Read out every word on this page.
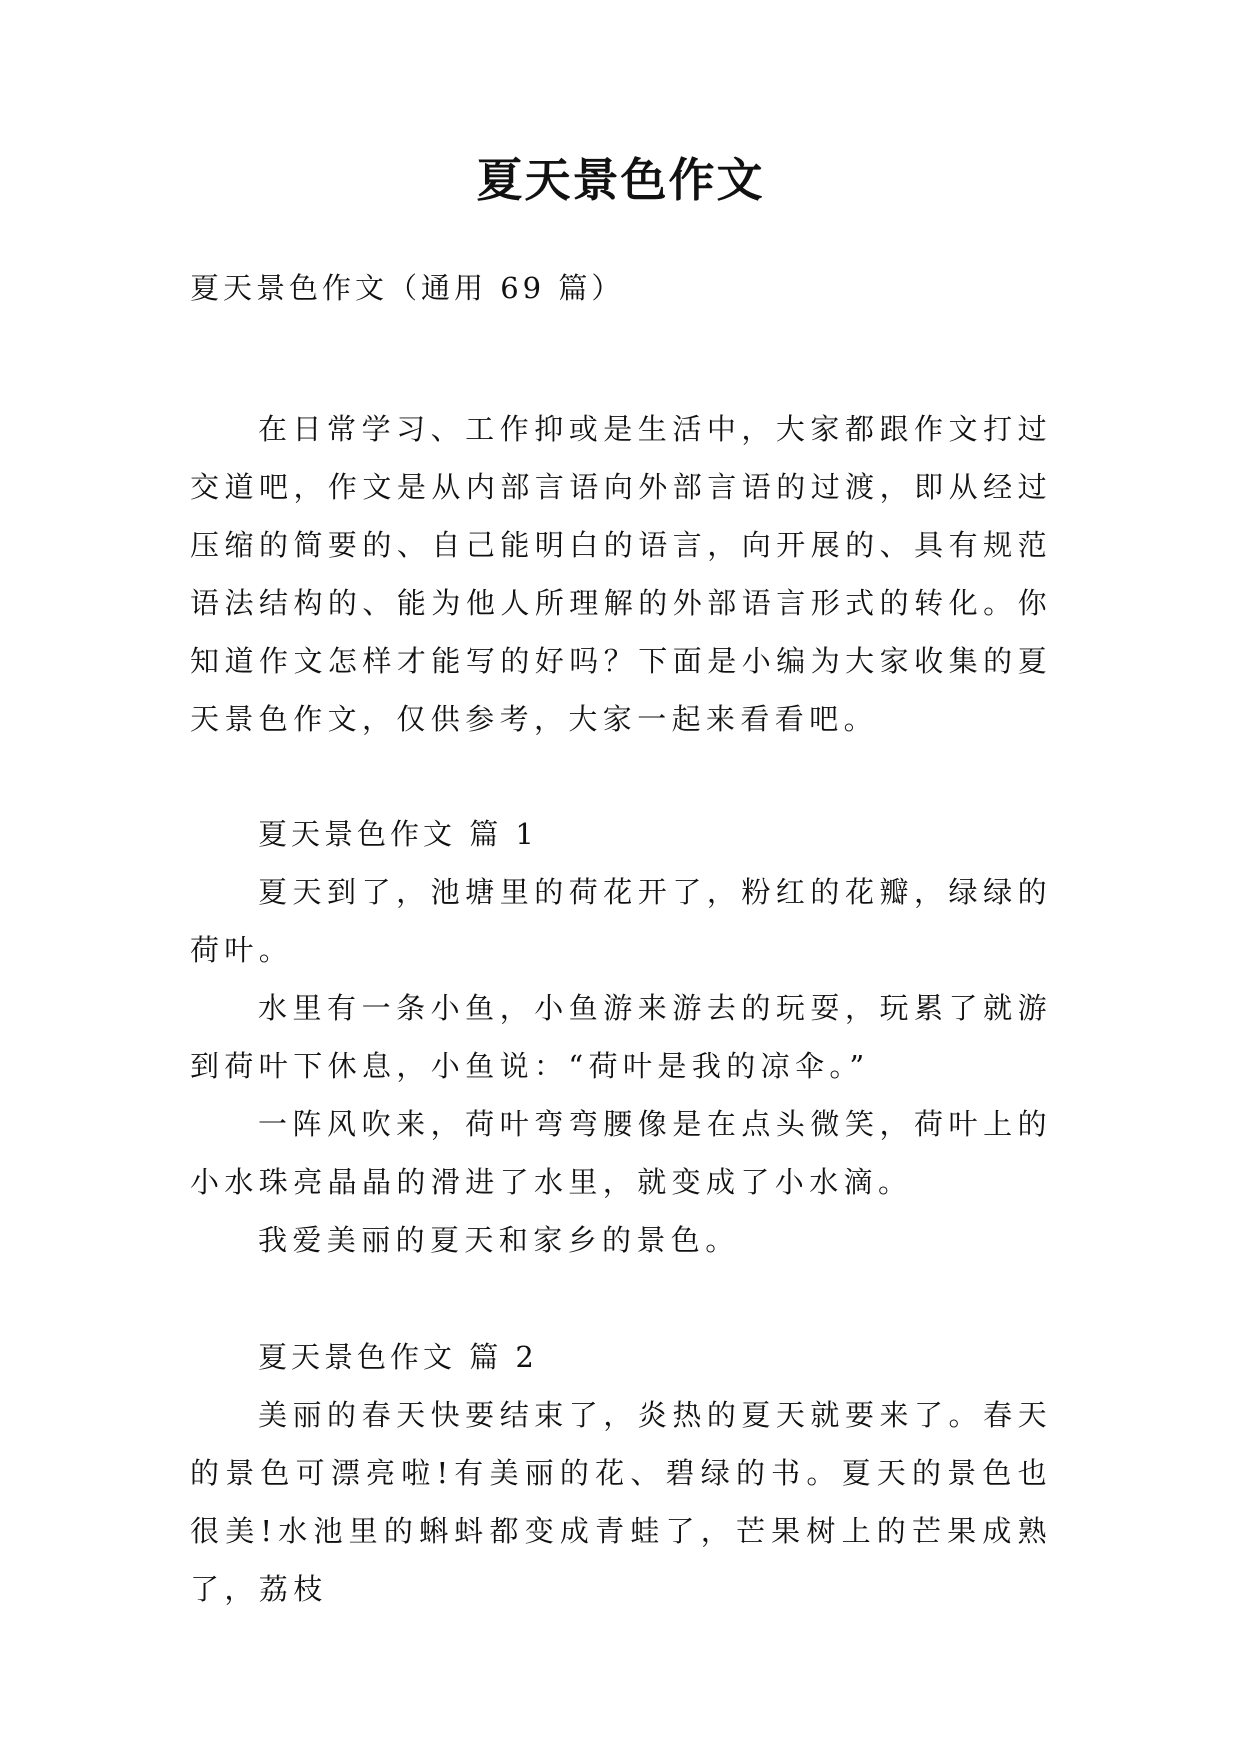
夏天景色作文

夏天景色作文（通用 69 篇）

在日常学习、工作抑或是生活中，大家都跟作文打过交道吧，作文是从内部言语向外部言语的过渡，即从经过压缩的简要的、自己能明白的语言，向开展的、具有规范语法结构的、能为他人所理解的外部语言形式的转化。你知道作文怎样才能写的好吗？下面是小编为大家收集的夏天景色作文，仅供参考，大家一起来看看吧。

夏天景色作文 篇 1

夏天到了，池塘里的荷花开了，粉红的花瓣，绿绿的荷叶。

水里有一条小鱼，小鱼游来游去的玩耍，玩累了就游到荷叶下休息，小鱼说：“荷叶是我的凉伞。”

一阵风吹来，荷叶弯弯腰像是在点头微笑，荷叶上的小水珠亮晶晶的滑进了水里，就变成了小水滴。

我爱美丽的夏天和家乡的景色。

夏天景色作文 篇 2

美丽的春天快要结束了，炎热的夏天就要来了。春天的景色可漂亮啦!有美丽的花、碧绿的书。夏天的景色也很美!水池里的蝌蚪都变成青蛙了，芒果树上的芒果成熟了，荔枝
